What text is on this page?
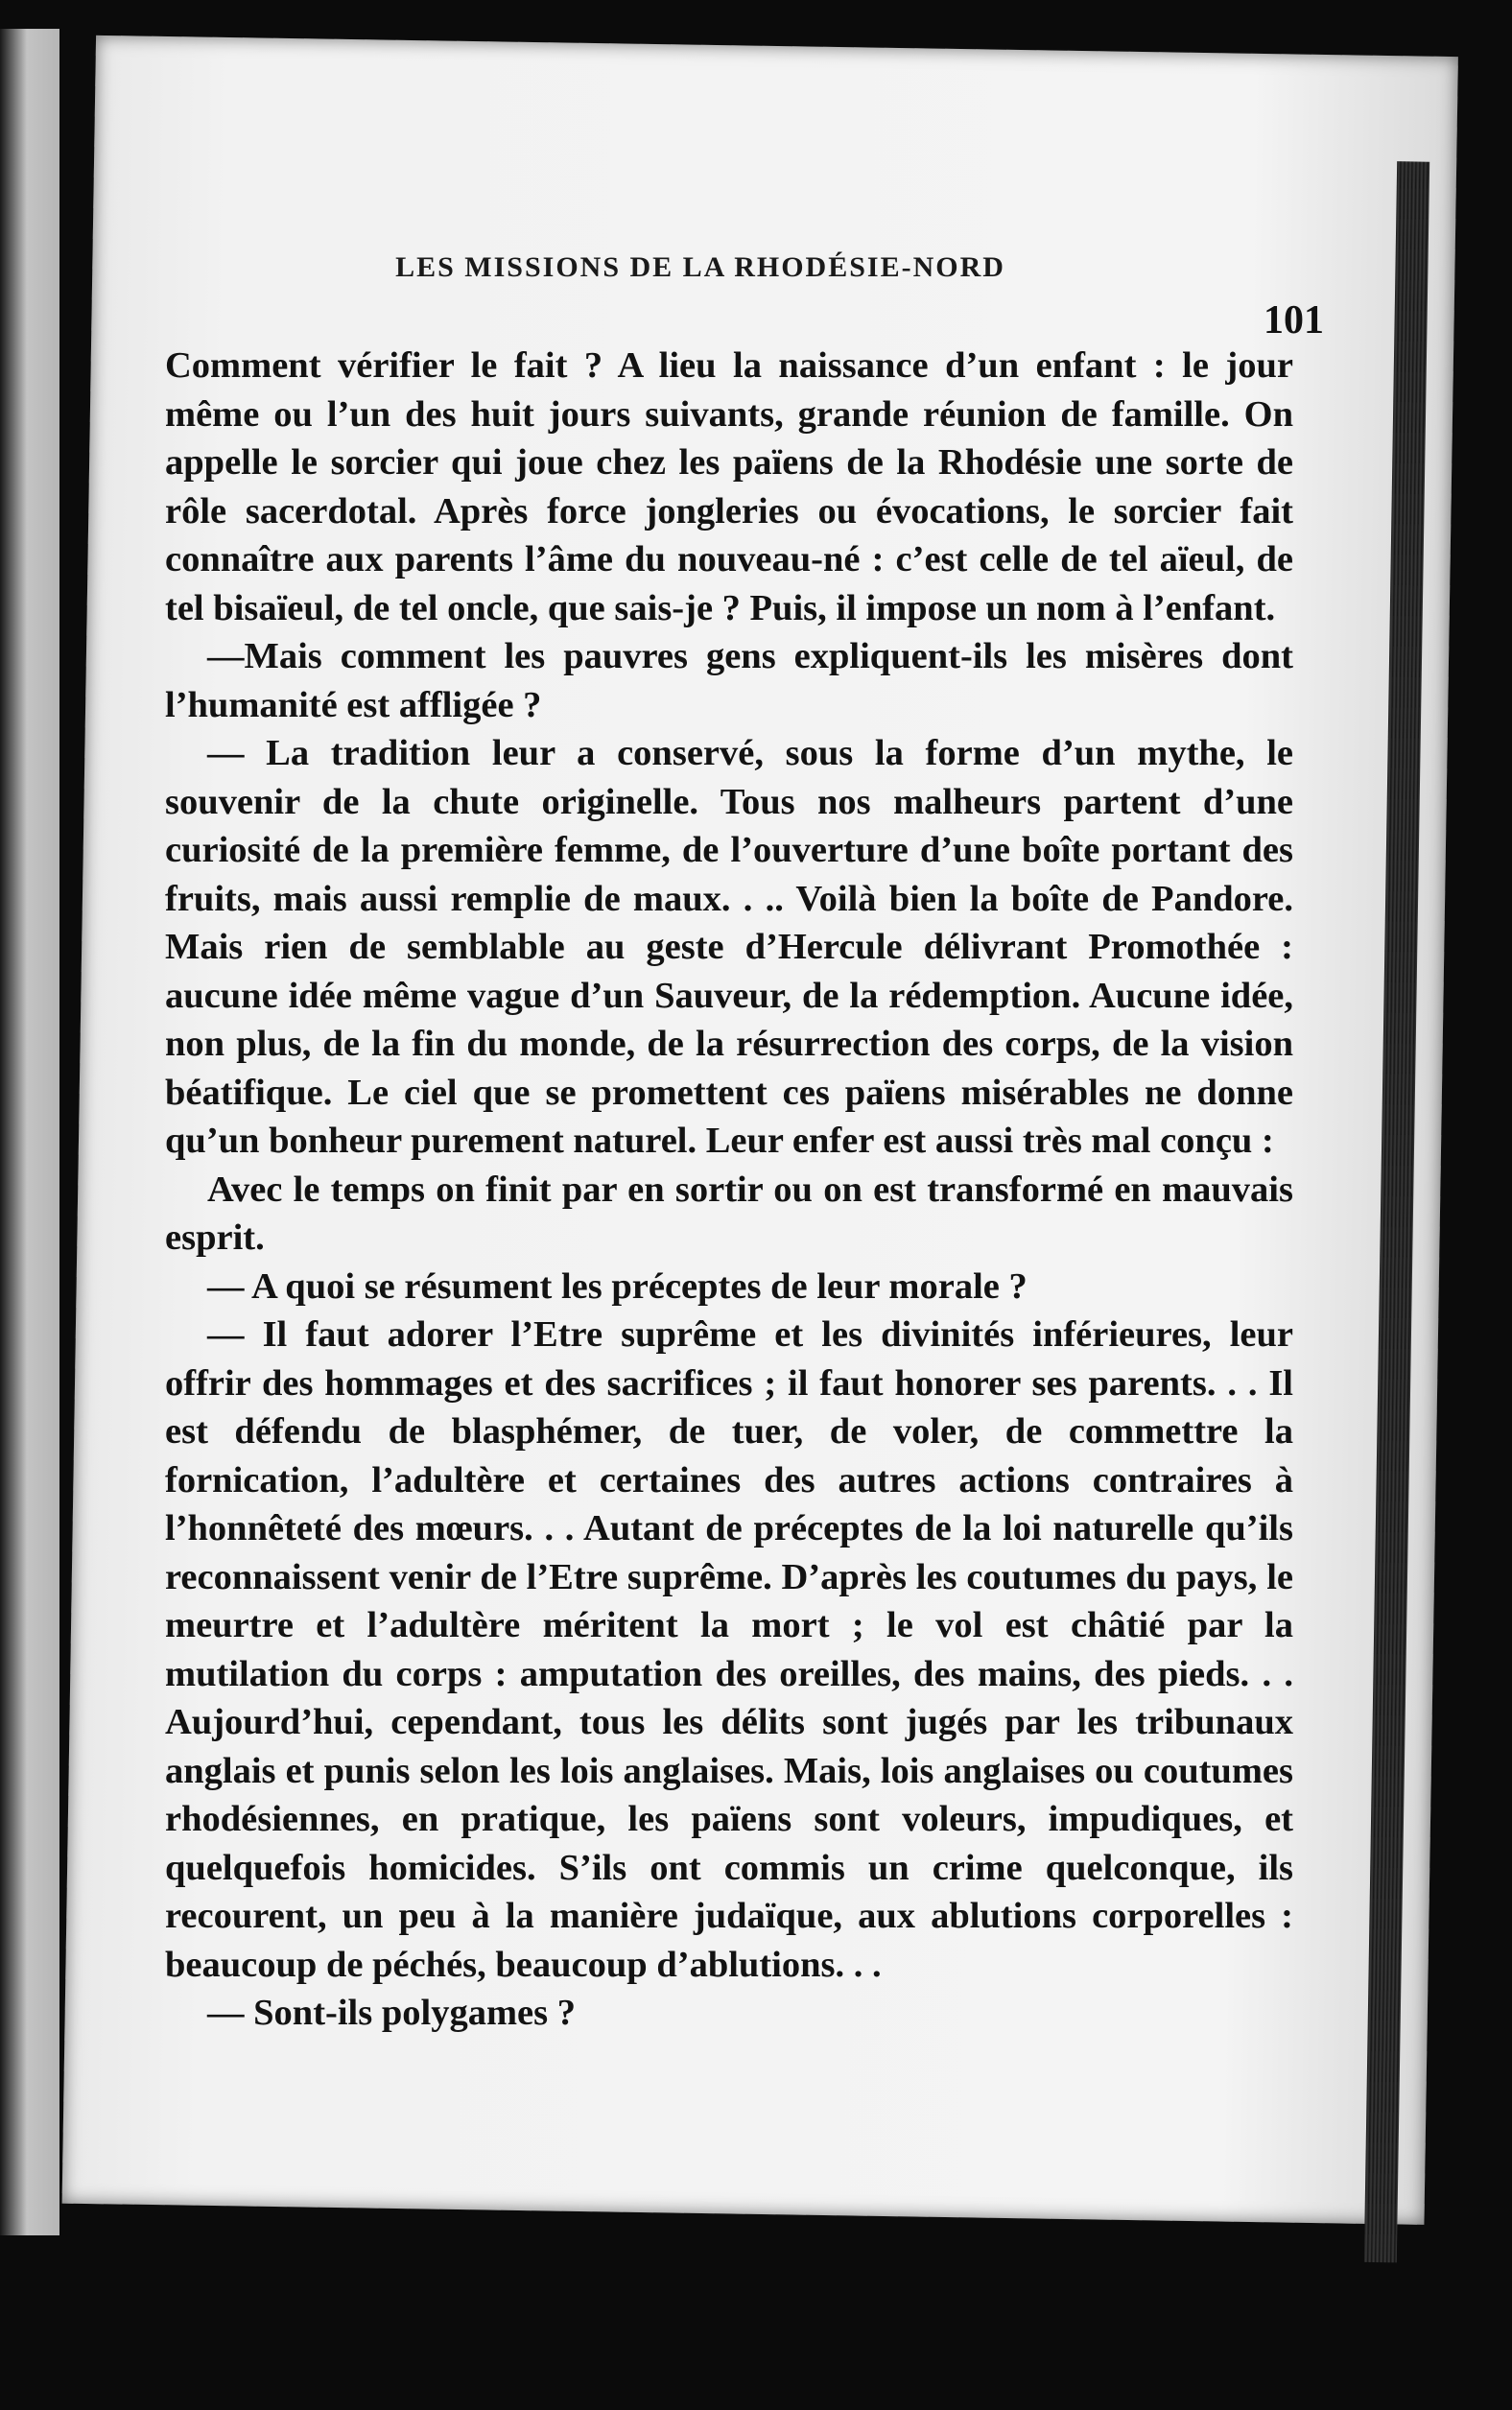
LES MISSIONS DE LA RHODÉSIE-NORD
101

Comment vérifier le fait ? A lieu la naissance d’un enfant : le jour même ou l’un des huit jours suivants, grande réunion de famille. On appelle le sorcier qui joue chez les païens de la Rhodésie une sorte de rôle sacerdotal. Après force jongleries ou évocations, le sorcier fait connaître aux parents l’âme du nouveau-né : c’est celle de tel aïeul, de tel bisaïeul, de tel oncle, que sais-je ? Puis, il impose un nom à l’enfant.

—Mais comment les pauvres gens expliquent-ils les misères dont l’humanité est affligée ?

— La tradition leur a conservé, sous la forme d’un mythe, le souvenir de la chute originelle. Tous nos malheurs partent d’une curiosité de la première femme, de l’ouverture d’une boîte portant des fruits, mais aussi remplie de maux. . .. Voilà bien la boîte de Pandore. Mais rien de semblable au geste d’Hercule délivrant Promothée : aucune idée même vague d’un Sauveur, de la rédemption. Aucune idée, non plus, de la fin du monde, de la résurrection des corps, de la vision béatifique. Le ciel que se promettent ces païens misérables ne donne qu’un bonheur purement naturel. Leur enfer est aussi très mal conçu :

Avec le temps on finit par en sortir ou on est transformé en mauvais esprit.

— A quoi se résument les préceptes de leur morale ?

— Il faut adorer l’Etre suprême et les divinités inférieures, leur offrir des hommages et des sacrifices ; il faut honorer ses parents. . . Il est défendu de blasphémer, de tuer, de voler, de commettre la fornication, l’adultère et certaines des autres actions contraires à l’honnêteté des mœurs. . . Autant de préceptes de la loi naturelle qu’ils reconnaissent venir de l’Etre suprême. D’après les coutumes du pays, le meurtre et l’adultère méritent la mort ; le vol est châtié par la mutilation du corps : amputation des oreilles, des mains, des pieds. . . Aujourd’hui, cependant, tous les délits sont jugés par les tribunaux anglais et punis selon les lois anglaises. Mais, lois anglaises ou coutumes rhodésiennes, en pratique, les païens sont voleurs, impudiques, et quelquefois homicides. S’ils ont commis un crime quelconque, ils recourent, un peu à la manière judaïque, aux ablutions corporelles : beaucoup de péchés, beaucoup d’ablutions. . .

— Sont-ils polygames ?
